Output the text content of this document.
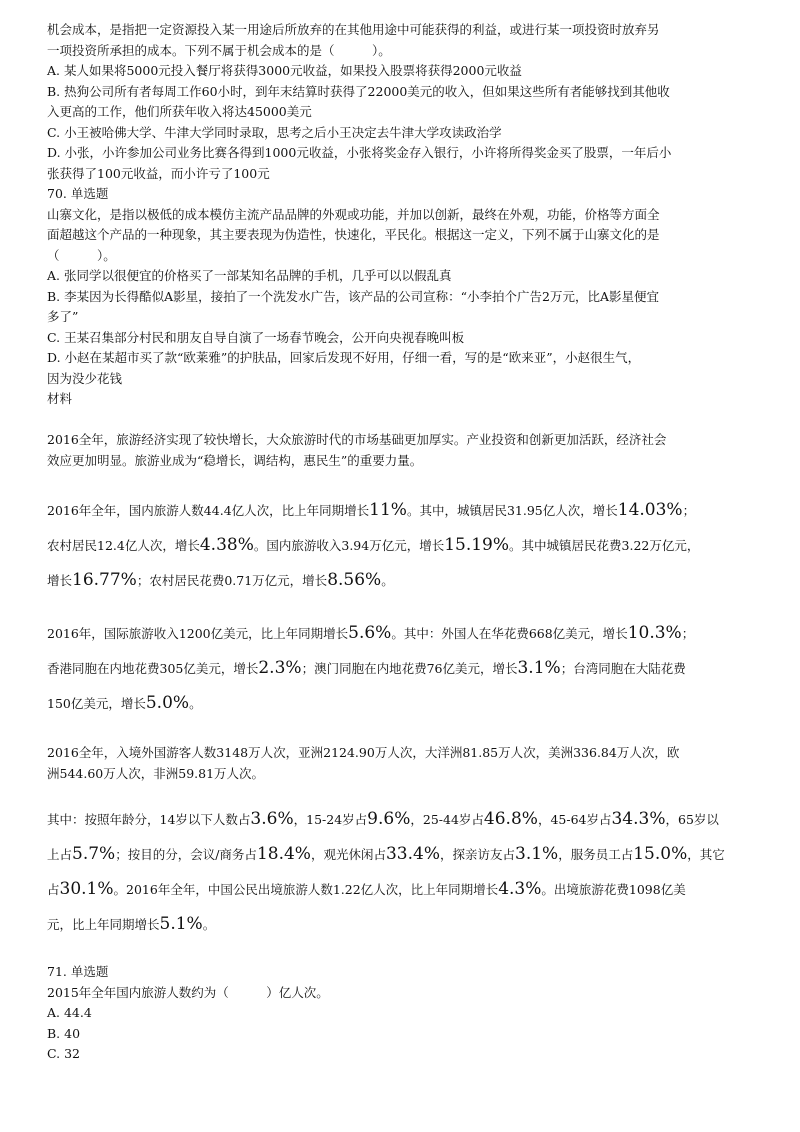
机会成本，是指把一定资源投入某一用途后所放弃的在其他用途中可能获得的利益，或进行某一项投资时放弃另
一项投资所承担的成本。下列不属于机会成本的是（　　　）。
A. 某人如果将5000元投入餐厅将获得3000元收益，如果投入股票将获得2000元收益
B. 热狗公司所有者每周工作60小时，到年末结算时获得了22000美元的收入，但如果这些所有者能够找到其他收
入更高的工作，他们所获年收入将达45000美元
C. 小王被哈佛大学、牛津大学同时录取，思考之后小王决定去牛津大学攻读政治学
D. 小张，小许参加公司业务比赛各得到1000元收益，小张将奖金存入银行，小许将所得奖金买了股票，一年后小
张获得了100元收益，而小许亏了100元
70. 单选题
山寨文化，是指以极低的成本模仿主流产品品牌的外观或功能，并加以创新，最终在外观，功能，价格等方面全
面超越这个产品的一种现象，其主要表现为伪造性，快速化，平民化。根据这一定义，下列不属于山寨文化的是
（　　　）。
A. 张同学以很便宜的价格买了一部某知名品牌的手机，几乎可以以假乱真
B. 李某因为长得酷似A影星，接拍了一个洗发水广告，该产品的公司宣称：“小李拍个广告2万元，比A影星便宜
多了”
C. 王某召集部分村民和朋友自导自演了一场春节晚会，公开向央视春晚叫板
D. 小赵在某超市买了款“欧莱雅”的护肤品，回家后发现不好用，仔细一看，写的是“欧来亚”，小赵很生气，
因为没少花钱
材料
2016全年，旅游经济实现了较快增长，大众旅游时代的市场基础更加厚实。产业投资和创新更加活跃，经济社会
效应更加明显。旅游业成为“稳增长，调结构，惠民生”的重要力量。
2016年全年，国内旅游人数44.4亿人次，比上年同期增长11%。其中，城镇居民31.95亿人次，增长14.03%；
农村居民12.4亿人次，增长4.38%。国内旅游收入3.94万亿元，增长15.19%。其中城镇居民花费3.22万亿元，
增长16.77%；农村居民花费0.71万亿元，增长8.56%。
2016年，国际旅游收入1200亿美元，比上年同期增长5.6%。其中：外国人在华花费668亿美元，增长10.3%；
香港同胞在内地花费305亿美元，增长2.3%；澳门同胞在内地花费76亿美元，增长3.1%；台湾同胞在大陆花费
150亿美元，增长5.0%。
2016全年，入境外国游客人数3148万人次，亚洲2124.90万人次，大洋洲81.85万人次，美洲336.84万人次，欧
洲544.60万人次，非洲59.81万人次。
其中：按照年龄分，14岁以下人数占3.6%，15-24岁占9.6%，25-44岁占46.8%，45-64岁占34.3%，65岁以
上占5.7%；按目的分，会议/商务占18.4%，观光休闲占33.4%，探亲访友占3.1%，服务员工占15.0%，其它
占30.1%。2016年全年，中国公民出境旅游人数1.22亿人次，比上年同期增长4.3%。出境旅游花费1098亿美
元，比上年同期增长5.1%。
71. 单选题
2015年全年国内旅游人数约为（　　　）亿人次。
A. 44.4
B. 40
C. 32
